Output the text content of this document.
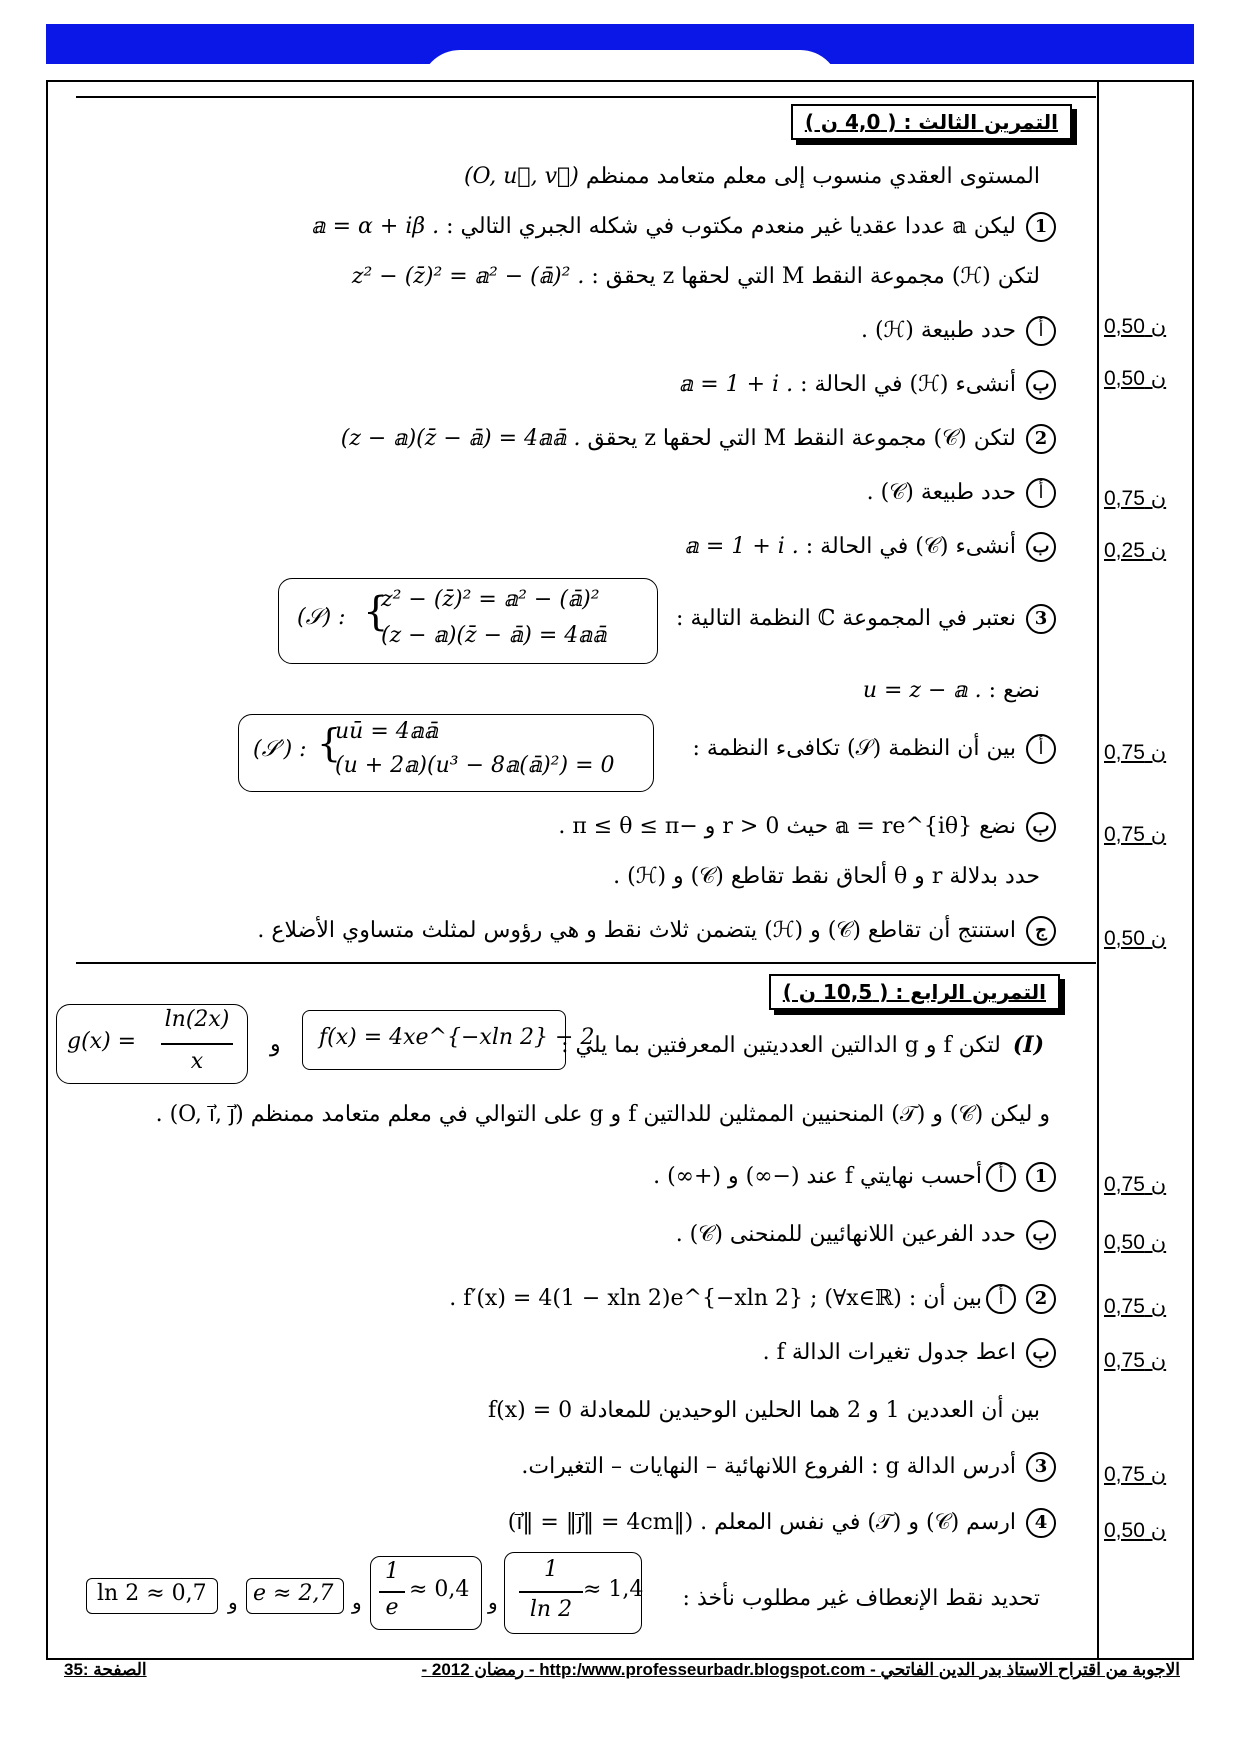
التمرين الثالث : ( 4,0 ن )
المستوى العقدي منسوب إلى معلم متعامد ممنظم (O, u⃗, v⃗)
1ليكن 𝕒 عددا عقديا غير منعدم مكتوب في شكله الجبري التالي : 𝕒 = α + iβ .
لتكن (ℋ) مجموعة النقط M التي لحقها z يحقق : z² − (z̄)² = 𝕒² − (𝕒̄)² .
أحدد طبيعة (ℋ) .
بأنشىء (ℋ) في الحالة : 𝕒 = 1 + i .
2لتكن (𝒞) مجموعة النقط M التي لحقها z يحقق (z − 𝕒)(z̄ − 𝕒̄) = 4𝕒𝕒̄ .
أحدد طبيعة (𝒞) .
بأنشىء (𝒞) في الحالة : 𝕒 = 1 + i .
3نعتبر في المجموعة ℂ النظمة التالية :
(𝒮) : {
z² − (z̄)² = 𝕒² − (𝕒̄)²
(z − 𝕒)(z̄ − 𝕒̄) = 4𝕒𝕒̄
نضع : u = z − 𝕒 .
أبين أن النظمة (𝒮) تكافىء النظمة :
(𝒮′) : {
uū = 4𝕒𝕒̄
(u + 2𝕒)(u³ − 8𝕒(𝕒̄)²) = 0
بنضع 𝕒 = re^{iθ} حيث r > 0 و −π ≤ θ ≤ π .
حدد بدلالة r و θ ألحاق نقط تقاطع (𝒞) و (ℋ) .
جاستنتج أن تقاطع (𝒞) و (ℋ) يتضمن ثلاث نقط و هي رؤوس لمثلث متساوي الأضلاع .
التمرين الرابع : ( 10,5 ن )
(I)لتكن f و g الدالتين العدديتين المعرفتين بما يلي :
f(x) = 4xe^{−xln 2} − 2
و
g(x) =
ln(2x)
x
و ليكن (𝒞) و (𝒯) المنحنيين الممثلين للدالتين f و g على التوالي في معلم متعامد ممنظم (O, ı⃗, ȷ⃗) .
1أأحسب نهايتي f عند (−∞) و (+∞) .
بحدد الفرعين اللانهائيين للمنحنى (𝒞) .
2أبين أن : f′(x) = 4(1 − xln 2)e^{−xln 2} ; (∀x∈ℝ) .
باعط جدول تغيرات الدالة f .
بين أن العددين 1 و 2 هما الحلين الوحيدين للمعادلة f(x) = 0
3أدرس الدالة g : الفروع اللانهائية – النهايات – التغيرات.
4ارسم (𝒞) و (𝒯) في نفس المعلم . (‖ı⃗‖ = ‖ȷ⃗‖ = 4cm)
تحديد نقط الإنعطاف غير مطلوب نأخذ :
1
ln 2
≈ 1,4
و
1
e
≈ 0,4
و
e ≈ 2,7
و
ln 2 ≈ 0,7
ن 0,50
ن 0,50
ن 0,75
ن 0,25
ن 0,75
ن 0,75
ن 0,50
ن 0,75
ن 0,50
ن 0,75
ن 0,75
ن 0,75
ن 0,50
الصفحة :35	الاجوبة من اقتراح الاستاذ بدر الدين الفاتحي - http:/www.professeurbadr.blogspot.com - رمضان 2012 -
